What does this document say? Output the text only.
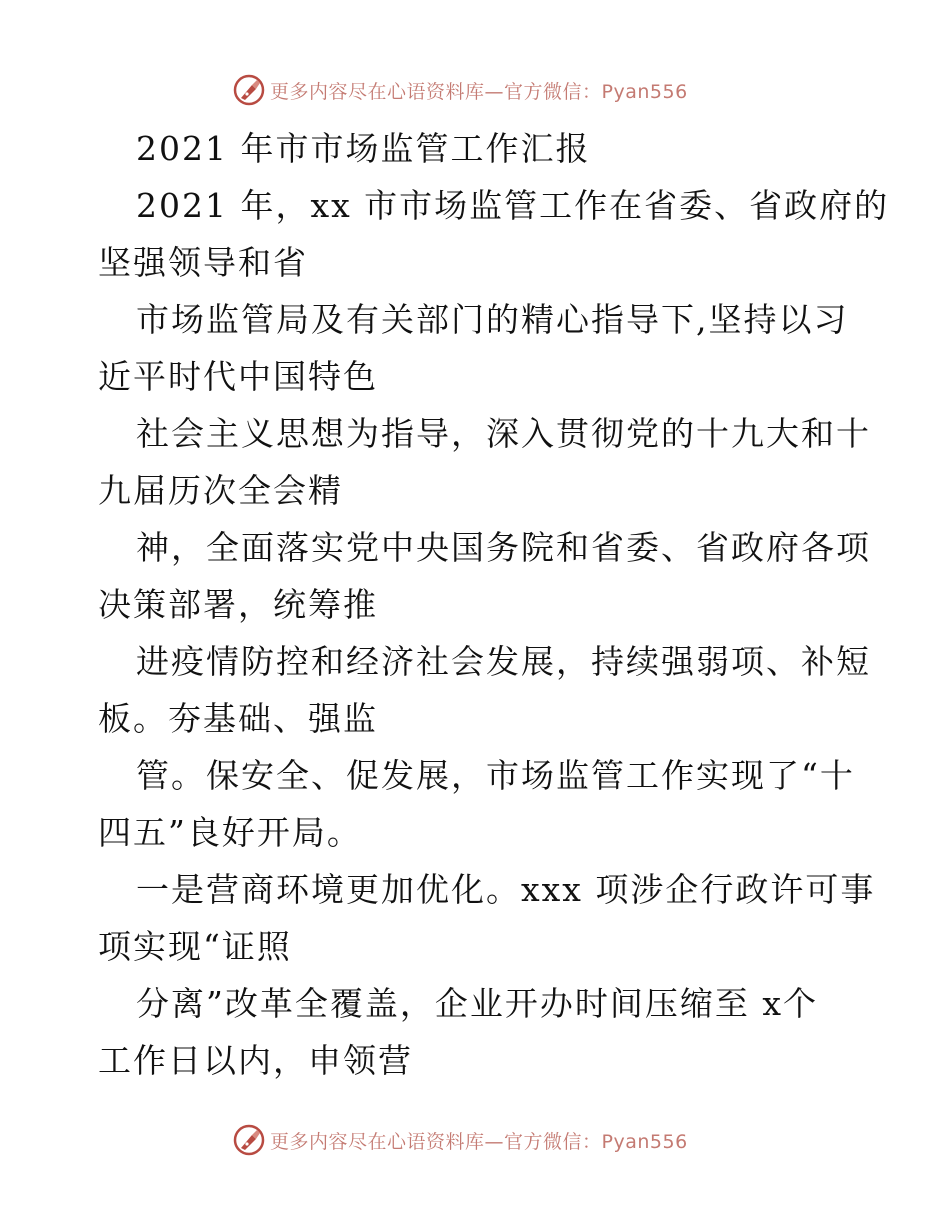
更多内容尽在心语资料库—官方微信：Pyan556
2021 年市市场监管工作汇报
2021 年，xx 市市场监管工作在省委、省政府的
坚强领导和省
市场监管局及有关部门的精心指导下,坚持以习
近平时代中国特色
社会主义思想为指导，深入贯彻党的十九大和十
九届历次全会精
神，全面落实党中央国务院和省委、省政府各项
决策部署，统筹推
进疫情防控和经济社会发展，持续强弱项、补短
板。夯基础、强监
管。保安全、促发展，市场监管工作实现了“十
四五”良好开局。
一是营商环境更加优化。xxx 项涉企行政许可事
项实现“证照
分离”改革全覆盖，企业开办时间压缩至 x个
工作日以内，申领营
更多内容尽在心语资料库—官方微信：Pyan556
